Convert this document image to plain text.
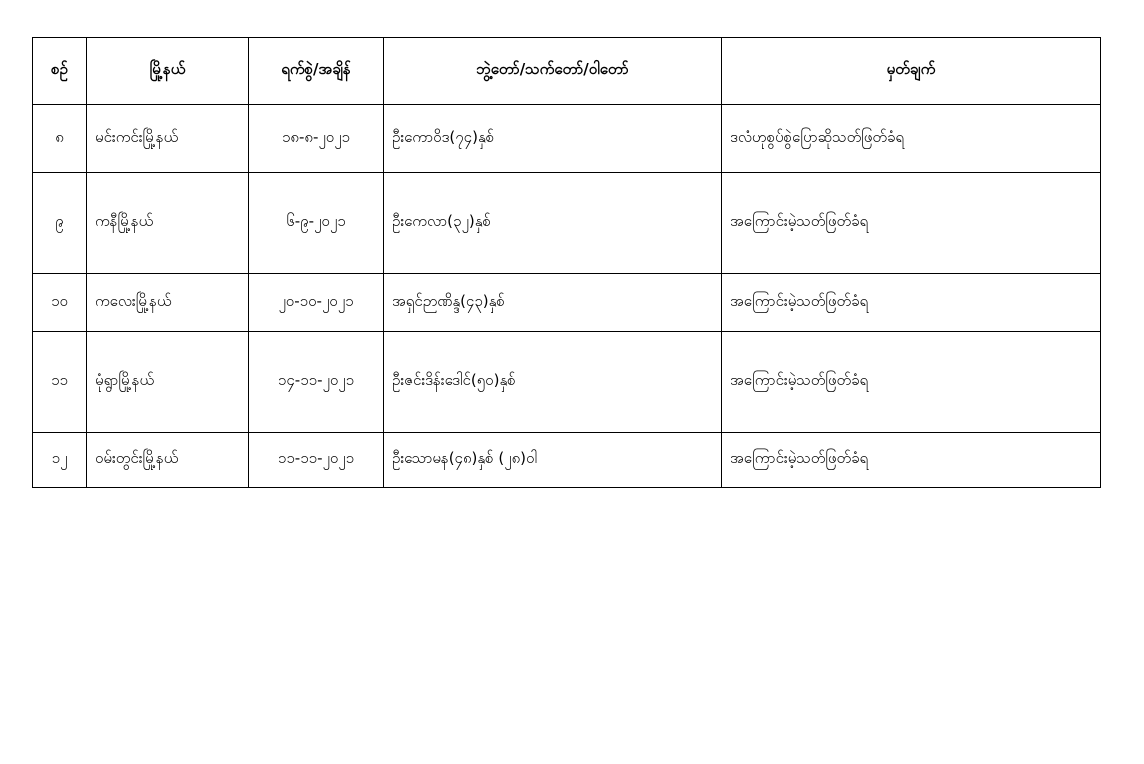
စဉ်	မြို့နယ်	ရက်စွဲ/အချိန်	ဘွဲ့တော်/သက်တော်/ဝါတော်	မှတ်ချက်
၈	မင်းကင်းမြို့နယ်	၁၈-၈-၂၀၂၁	ဦးကောဝိဒ(၇၄)နှစ်	ဒလံဟုစွပ်စွဲပြောဆိုသတ်ဖြတ်ခံရ
၉	ကနီမြို့နယ်	၆-၉-၂၀၂၁	ဦးကေလာ(၃၂)နှစ်	အကြောင်းမဲ့သတ်ဖြတ်ခံရ
၁၀	ကလေးမြို့နယ်	၂၀-၁၀-၂၀၂၁	အရှင်ဉာဏိန္ဒ(၄၃)နှစ်	အကြောင်းမဲ့သတ်ဖြတ်ခံရ
၁၁	မုံရွာမြို့နယ်	၁၄-၁၁-၂၀၂၁	ဦးဇင်းဒိန်းဒေါင်(၅၀)နှစ်	အကြောင်းမဲ့သတ်ဖြတ်ခံရ
၁၂	ဝမ်းတွင်းမြို့နယ်	၁၁-၁၁-၂၀၂၁	ဦးသောမန(၄၈)နှစ် (၂၈)ဝါ	အကြောင်းမဲ့သတ်ဖြတ်ခံရ
